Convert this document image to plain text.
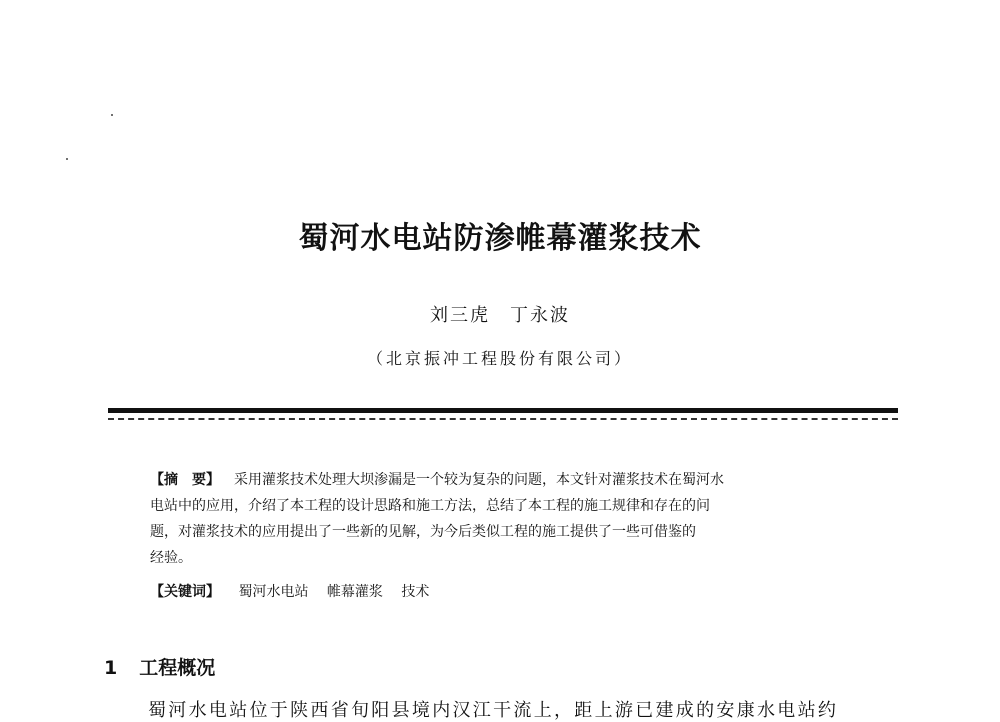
蜀河水电站防渗帷幕灌浆技术
刘三虎　丁永波
（北京振冲工程股份有限公司）
【摘　要】 采用灌浆技术处理大坝渗漏是一个较为复杂的问题，本文针对灌浆技术在蜀河水
电站中的应用，介绍了本工程的设计思路和施工方法，总结了本工程的施工规律和存在的问
题，对灌浆技术的应用提出了一些新的见解，为今后类似工程的施工提供了一些可借鉴的
经验。
【关键词】 蜀河水电站 帷幕灌浆 技术
1 工程概况
蜀河水电站位于陕西省旬阳县境内汉江干流上，距上游已建成的安康水电站约
